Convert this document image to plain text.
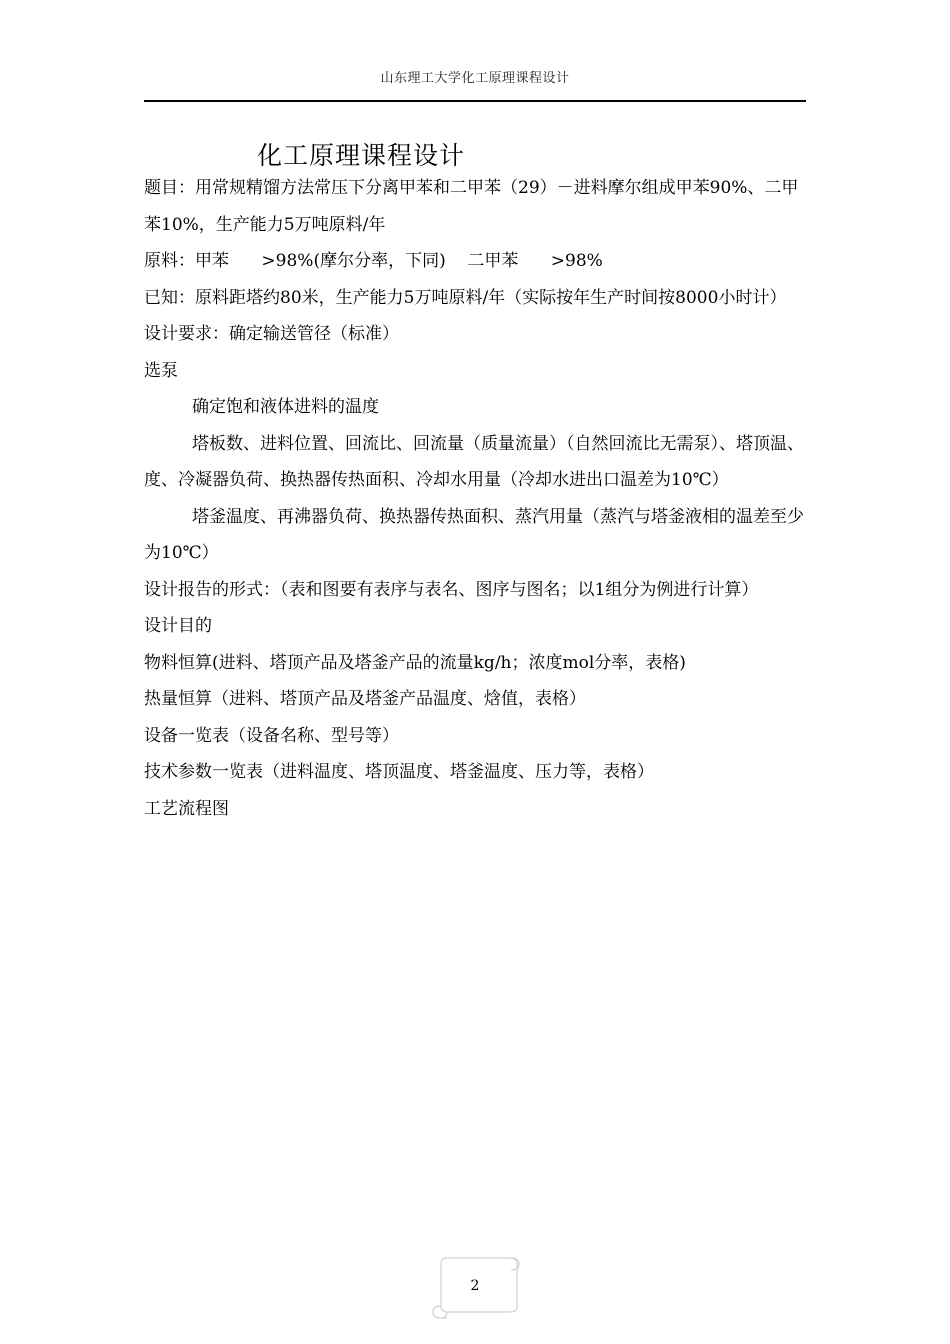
山东理工大学化工原理课程设计
化工原理课程设计

题目：用常规精馏方法常压下分离甲苯和二甲苯（29）－进料摩尔组成甲苯90%、二甲苯10%，生产能力5万吨原料/年

原料：甲苯      >98%(摩尔分率，下同)    二甲苯      >98%

已知：原料距塔约80米，生产能力5万吨原料/年（实际按年生产时间按8000小时计）

设计要求：确定输送管径（标准）

选泵

确定饱和液体进料的温度

塔板数、进料位置、回流比、回流量（质量流量）（自然回流比无需泵）、塔顶温、度、冷凝器负荷、换热器传热面积、冷却水用量（冷却水进出口温差为10℃）

塔釜温度、再沸器负荷、换热器传热面积、蒸汽用量（蒸汽与塔釜液相的温差至少为10℃）

设计报告的形式：（表和图要有表序与表名、图序与图名；以1组分为例进行计算）

设计目的

物料恒算(进料、塔顶产品及塔釜产品的流量kg/h；浓度mol分率，表格)

热量恒算（进料、塔顶产品及塔釜产品温度、焓值，表格）

设备一览表（设备名称、型号等）

技术参数一览表（进料温度、塔顶温度、塔釜温度、压力等，表格）

工艺流程图

2
